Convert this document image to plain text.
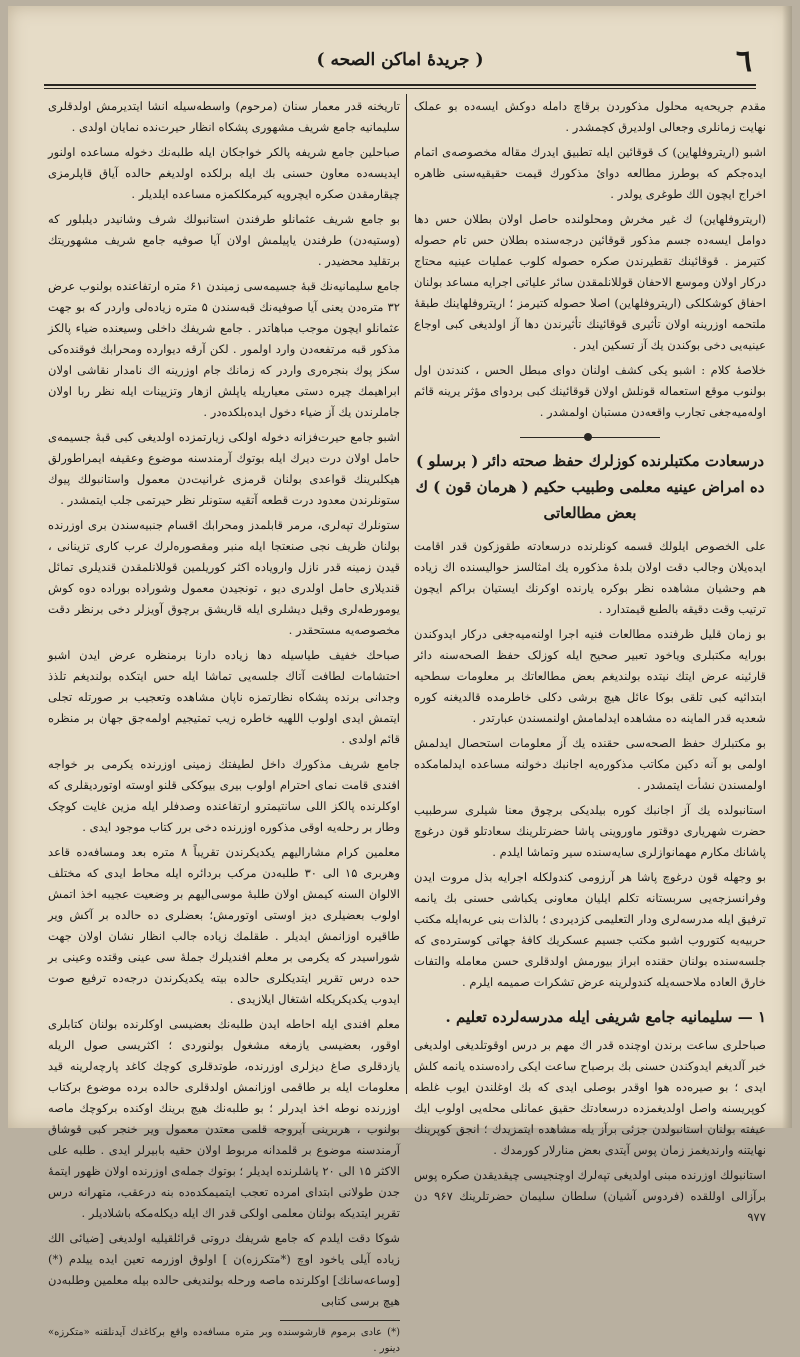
٦
( جريدهٔ اماكن الصحه )

مقدم جریحه‌یه محلول مذکوردن برقاچ دامله دوکش ایسه‌ده بو عملک نهایت زمانلری وجعالی اولدیرق کچمشدر .

اشبو (اریتروفلهاین) ک قوقائین ایله تطبیق ایدرك مقاله مخصوصه‌ی اتمام ایده‌جکم که بوطرز مطالعه دوائ مذکورك قیمت حقیقیه‌سنی ظاهره اخراج ایچون الك طوغری یولدر .

(اریتروفلهاین) ك غیر مخرش ومحلولنده حاصل اولان بطلان حس دها دوامل ایسه‌ده جسم مذکور قوقائین درجه‌سنده بطلان حس تام حصوله کتیرمز . قوقائینك تقطیرندن صکره حصوله کلوب عملیات عینیه محتاج درکار اولان وموسع الاحفان قوللانلمقدن سائر علیاتی اجرایه مساعد بولنان احفاق کوشکلکی (اریتروفلهاین) اصلا حصوله کتیرمز ؛ اریتروفلهاینك طبقهٔ ملتحمه اوزرینه اولان تأثیری قوقائینك تأثیرندن دها آز اولدیغی کبی اوجاع عینیه‌یی دخی بوکندن یك آز تسکین ایدر .

خلاصهٔ کلام : اشبو یکی کشف اولنان دوای مبطل الحس ، کندندن اول بولنوب موقع استعماله قونلش اولان قوقائینك کبی بردوای مؤثر یرینه قائم اوله‌میه‌جغی تجارب واقعه‌دن مستبان اولمشدر .

درسعادت مکتبلرنده کوزلرك حفظ صحته دائر ( برسلو ) ده امراض عینیه معلمی وطبیب حکیم ( هرمان قون ) ك بعض مطالعاتی

علی الخصوص ایلولك قسمه کونلرنده درسعادته طقوزکون قدر اقامت ایده‌یلان وجالب دقت اولان بلدهٔ مذکوره یك امثالسز حوالیسنده اك زیاده هم وحشیان مشاهده نظر بوکره یارنده اوکرنك ایستیان براکم ایچون ترتیب وقت دقیقه بالطبع قیمتدارد .

بو زمان قلیل ظرفنده مطالعات فنیه اجرا اولنه‌میه‌جغی درکار ایدوکندن بورایه مکتبلری ویاخود تعبیر صحیح ایله کوزلک حفظ الصحه‌سنه دائر قارئینه عرض ایتك نیتده بولندیغم بعض مطالعاتك بر معلومات سطحیه ابتدائیه کبی تلقی بوکا عائل هیچ برشی دکلی خاطرمده قالدیغنه کوره شعدیه قدر الماینه ده مشاهده ایدلمامش اولنمسندن عبارتدر .

بو مکتبلرك حفظ الصحه‌سی حقنده یك آز معلومات استحصال ایدلمش اولمی بو آنه دکین مکاتب مذکوره‌یه اجانبك دخولنه مساعده ایدلمامکده اولمسندن نشأت ایتمشدر .

استانبولده یك آز اجانبك کوره بیلدیکی برچوق معنا شیلری سرطبیب حضرت شهریاری دوقتور ماوروینی پاشا حضرتلرینك سعادتلو قون درغوچ پاشانك مکارم مهمانوازلری سایه‌سنده سیر وتماشا ایلدم .

بو وجهله قون درغوچ پاشا هر آرزومی کندولکله اجرایه بذل مروت ایدن وفرانسزجه‌یی سربستانه تکلم ایلیان معاونی یکباشی حسنی بك یانمه ترفیق ایله مدرسه‌لری ودار التعلیمی کزدیردی ؛ بالذات بنی عربه‌ایله مکتب حربیه‌یه کتوروب اشبو مکتب جسیم عسکریك کافهٔ جهاتی کوسترده‌ی که جلسه‌سنده بولنان حقنده ابراز بیورمش اولدقلری حسن معامله والتفات خارق العاده ملاحسه‌یله کندولرینه عرض تشکرات صمیمه ایلرم .

۱ — سلیمانیه جامع شریفی ایله مدرسه‌لرده تعلیم .

صباحلری ساعت برندن اوچنده قدر اك مهم بر درس اوقوتلدیغی اولدیغی خبر آلدیغم ایدوکندن حسنی بك برصباح ساعت ایکی راده‌سنده یانمه کلش ایدی ؛ بو صیره‌ده هوا اوقدر بوصلی ایدی که بك اوغلندن ایوب غلطه کوپریسنه واصل اولدیغمزده درسعادتك حقیق عمانلی محله‌یی اولوب ایك عیفته بولنان استانبولدن جزئی برآز یله مشاهده ایتمزیدك ؛ انجق کوپرینك نهایتنه وارندیغمز زمان پوس آیتدی بعض منارلار کورمدك .

استانبولك اوزرنده مبنی اولدیغی تپه‌لرك اوچنجیسی چیقدیقدن صکره پوس برآزالی اوللقده (فردوس آشیان) سلطان سلیمان حضرتلرینك ۹۶۷ دن ۹۷۷

تاریخنه قدر معمار سنان (مرحوم) واسطه‌سیله انشا ایتدیرمش اولدقلری سلیمانیه جامع شریف مشهوری پشکاه انظار حیرت‌نده نمایان اولدی .

صباحلین جامع شریفه پالکر خواجکان ایله طلبه‌نك دخوله مساعده اولنور ایدیسه‌ده معاون حسنی بك ایله برلکده اولدیغم حالده آیاق قاپلرمزی چیقارمقدن صکره ایچرویه کیرمکلکمزه مساعده ایلدیلر .

بو جامع شریف عثمانلو طرفندن استانبولك شرف وشانیدر دیلبلور که (وستیه‌دن) طرفندن یاپیلمش اولان آیا صوفیه جامع شریف مشهوریتك برتقلید محضیدر .

جامع سلیمانیه‌نك قبهٔ جسیمه‌سی زمیندن ۶۱ متره ارتفاعنده بولنوب عرض ۳۲ متره‌دن یعنی آیا صوفیه‌نك قبه‌سندن ۵ متره زیاده‌لی واردر که بو جهت عثمانلو ایچون موجب مباهاتدر . جامع شریفك داخلی وسیعنده ضیاء پالکز مذکور قبه مرتفعه‌دن وارد اولمور . لکن آرقه دیوارده ومحرابك فوقنده‌کی سکز پوك بنجره‌ری واردر که زمانك جام اوزرینه اك نامدار نقاشی اولان ابراهیمك چیره دستی معیاریله یاپلش ازهار وتزیینات ایله نظر ربا اولان جاملرندن یك آز ضیاء دخول ایده‌بلکده‌در .

اشبو جامع حیرت‌فزانه دخوله اولکی زیارتمزده اولدیغی کبی قبهٔ جسیمه‌ی حامل اولان درت دیرك ایله بوتوك آرمندسنه موضوع وعقیفه ایمراطورلق هیکلبرینك قواعدی بولنان قرمزی غرانیت‌دن معمول واستانبولك پیوك ستونلرندن معدود درت قطعه آتقیه ستونلر نظر حیرتمی جلب ایتمشدر .

ستونلرك تپه‌لری، مرمر قابلمدز ومحرابك اقسام جنبیه‌سندن بری اوزرنده بولنان ظریف نجی صنعتجا ایله منبر ومقصوره‌لرك عرب کاری تزینانی ، قیدن زمینه قدر نازل وارویاده اکثر کوریلمین قوللانلمقدن قندیلری تمائل قندیلاری حامل اولدری دیو ، تونجیدن معمول وشوراده بوراده دوه کوش یومورطه‌لری وقیل دیشلری ایله قاریشق برچوق آویزلر دخی برنظر دقت مخصوصه‌یه مستحقدر .

صباحك خفیف طیاسیله دها زیاده دارنا برمنظره عرض ایدن اشبو احتشامات لطافت آتاك جلسه‌یی تماشا ایله حس ایتکده بولندیغم تلذذ وجدانی برنده پشکاه نظارتمزه ناپان مشاهده وتعجیب بر صورتله تجلی ایتمش ایدی اولوب اللهیه خاطره زیب تمتیجیم اولمه‌جق جهان بر منظره قائم اولدی .

جامع شریف مذکورك داخل لطیفتك زمینی اوزرنده یکرمی بر خواجه افندی قامت نمای احترام اولوب بیری بیوککی قلنو اوسته اوتورد‌یقلری که اوکلرنده پالکز اللی سانتیمترو ارتفاعنده وصدفلر ایله مزین غایت کوچک وطار بر رحله‌یه اوقی مذکوره اوزرنده دخی برر کتاب موجود ایدی .

معلمین کرام مشارالیهم یکدیکرندن تقریباً ۸ متره بعد ومسافه‌ده قاعد وهربری ۱۵ الی ۳۰ طلبه‌دن مرکب بردائره ایله محاط ایدی که مختلف الالوان السنه کیمش اولان طلبهٔ موسی‌الیهم بر وضعیت عجیبه اخذ اتمش اولوب بعضیلری دیز اوستی اوتورمش؛ بعضلری ده حالده بر آکش ویر طاقیره اوزانمش ایدیلر . طقلمك زیاده جالب انظار نشان اولان جهت شوراسیدر که یکرمی بر معلم افندیلرك جملهٔ سی عینی وقتده وعینی بر حده درس تقریر ایتدیکلری حالده بیته یکدیکرندن درجه‌ده ترفیع صوت ایدوب یکدیکریکله اشتغال ایلازیدی .

معلم افندی ایله احاطه ایدن طلبه‌نك بعضیسی اوکلرنده بولنان کتابلری اوقور، بعضیسی یازمغه مشغول بولنوردی ؛ اکثریسی صول الریله یازدقلری صاغ دیزلری اوزرنده، طوتدقلری کوچك کاغد پارچه‌لرینه قید معلومات ایله بر طاقمی اوزانمش اولدقلری حالده برده موضوع برکتاب اوزرنده نوطه اخذ ایدرلر ؛ بو طلبه‌نك هیچ برینك اوکنده برکوچك ماصه بولنوب ، هربرینی آیروجه قلمی معتدن معمول ویر خنجر کبی قوشاق آرمندسنه موضوع بر قلمدانه مربوط اولان حقیه بابیرلر ایدی . طلبه علی الاکثر ۱۵ الی ۲۰ یاشلرنده ایدیلر ؛ بوتوك جمله‌ی اوزرنده اولان ظهور ایتمهٔ جدن طولانی ابتدای امرده تعجب ایتمیمکده‌ده بنه درعقب، متهرانه درس تقرير ایتدیکه بولنان معلمی اولکی قدر اك ایله دیکله‌مکه باشلادیلر .

شوکا دقت ایلدم که جامع شریفك دروتی قرائلقیلیه اولدیغی [ضیائی الك زیاده آیلی یاخود اوچ (*متکرزه‌)ن ] اولوق اوزرمه تعین ایده ییلدم (*) [وساعه‌سانك] اوکلرنده ماصه ورحله بولندیغی حالده بیله معلمین وطلبه‌دن هیچ برسی کتابی

(*) عادی برموم قارشوسنده وبر متره مسافه‌ده واقع برکاغدك آیدنلقنه «متکرزه» دینور .
